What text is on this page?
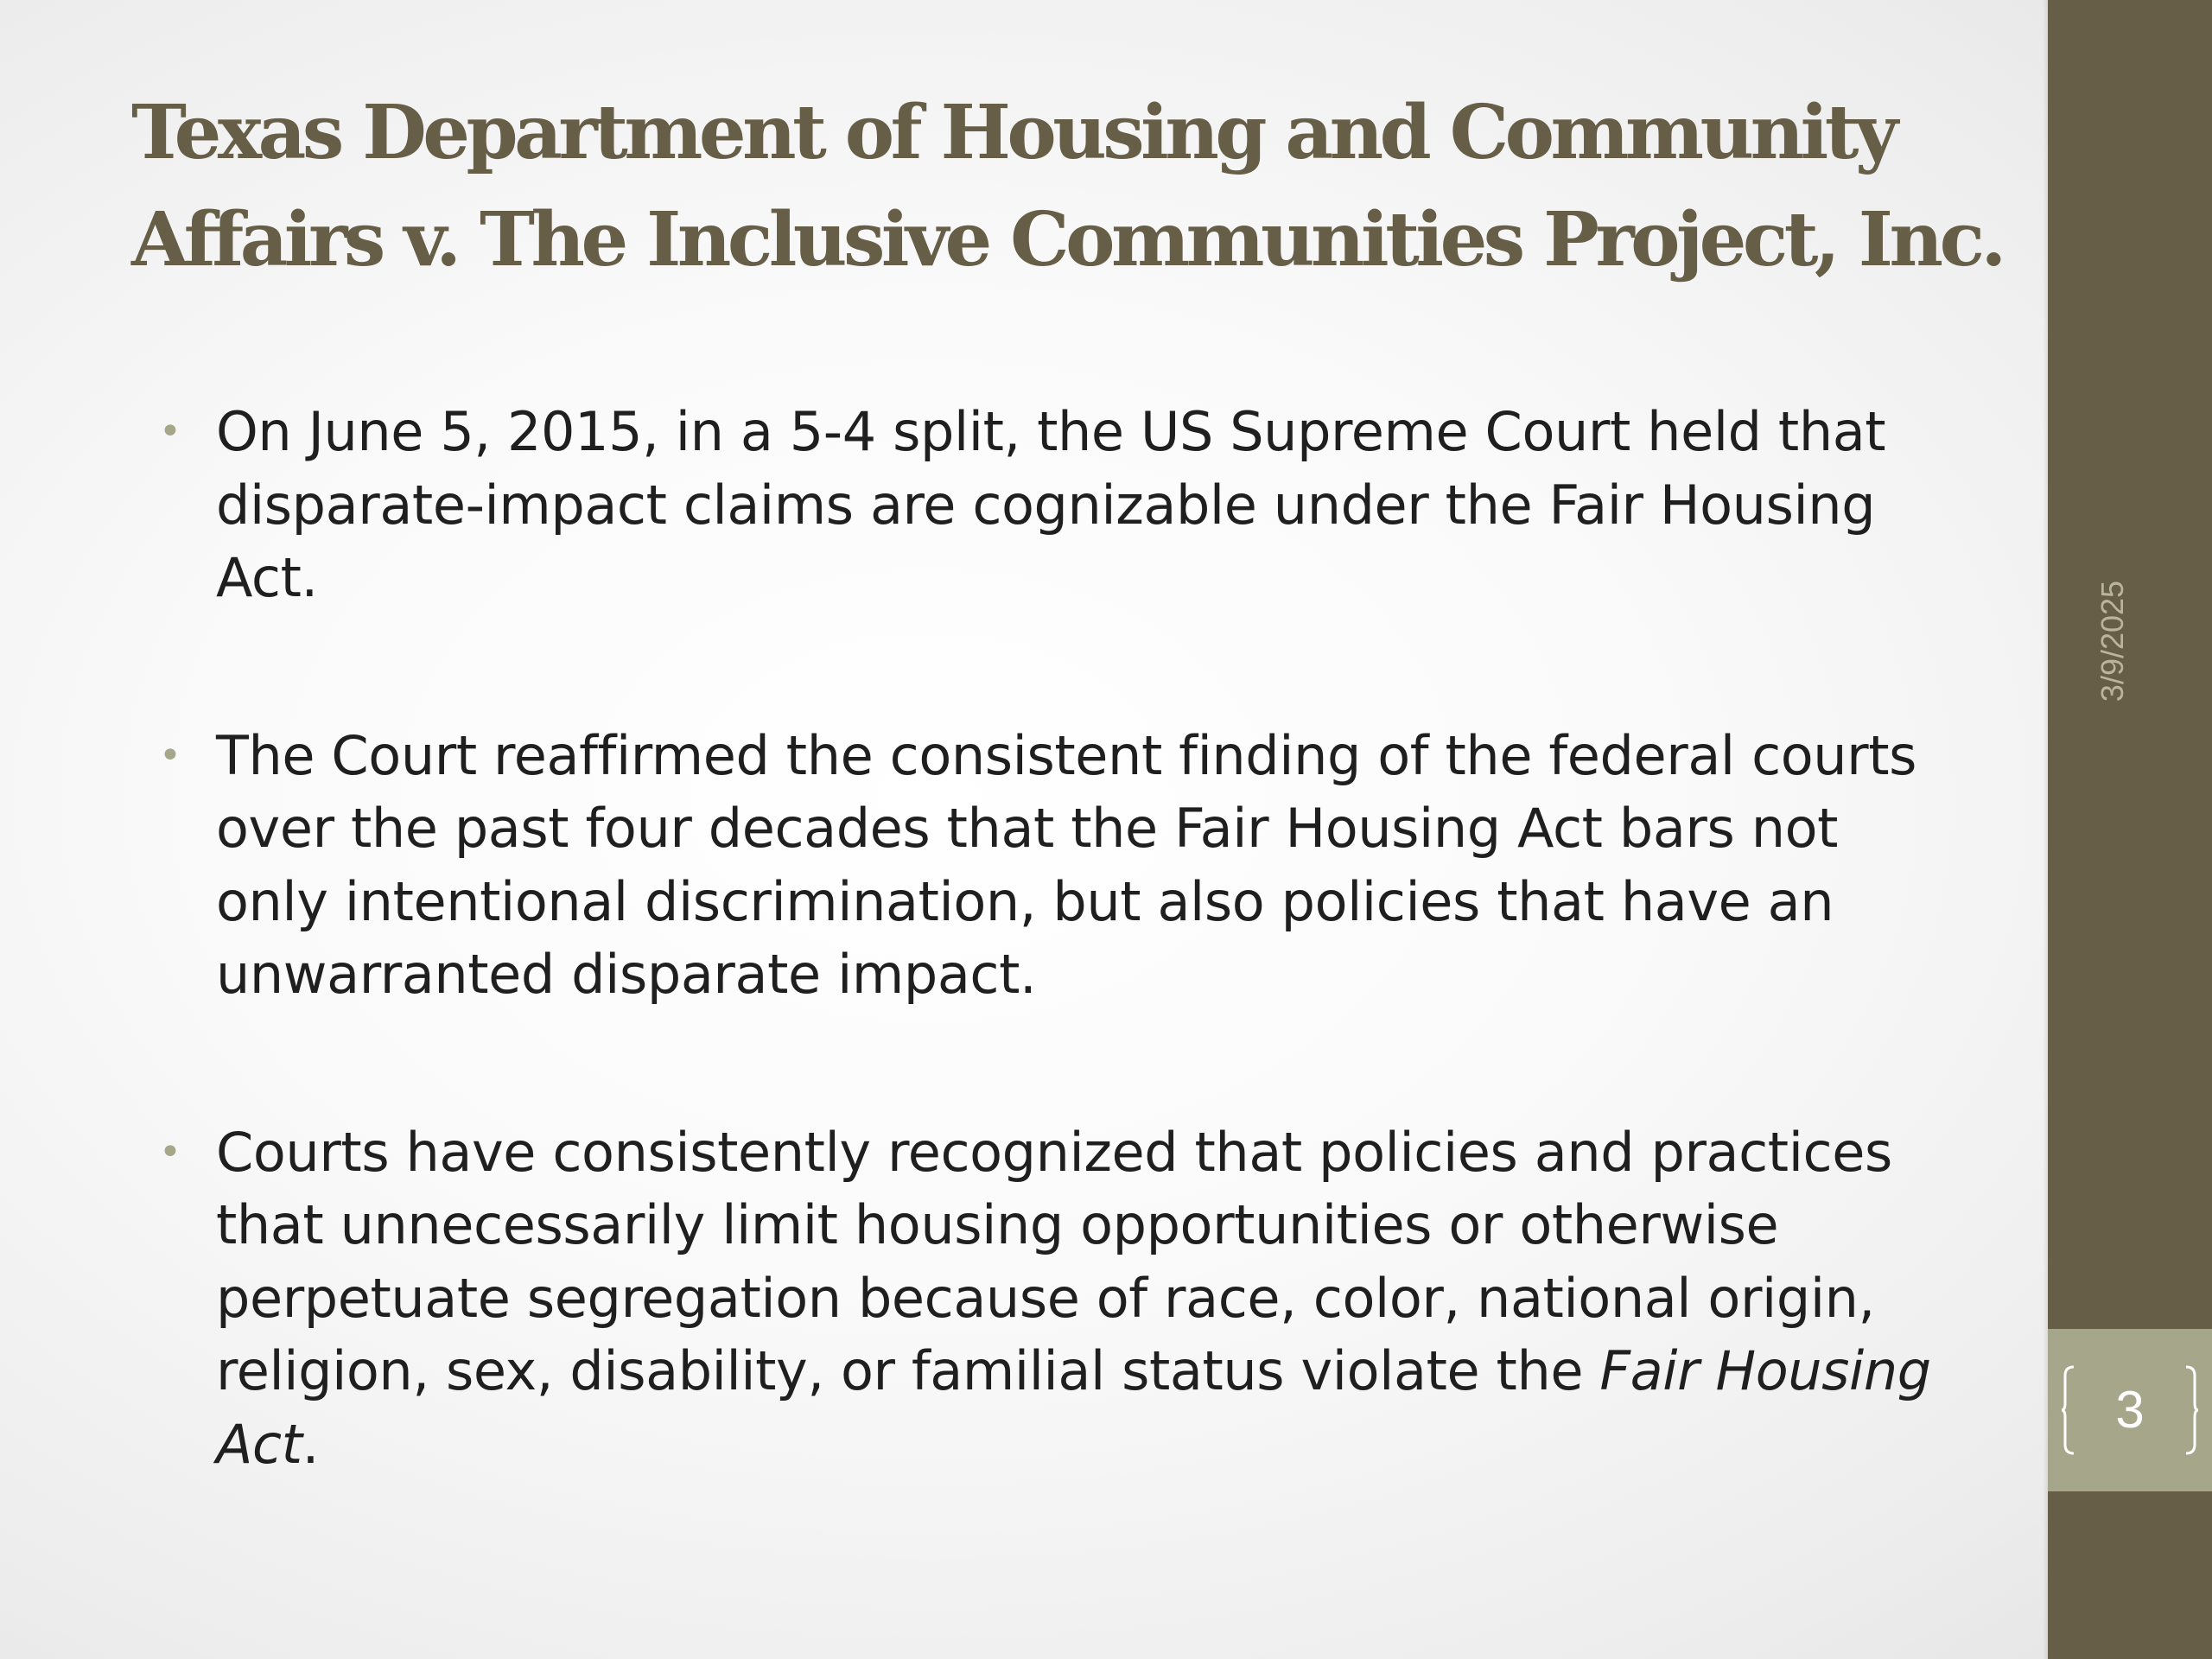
Texas Department of Housing and Community Affairs v. The Inclusive Communities Project, Inc.
• On June 5, 2015, in a 5-4 split, the US Supreme Court held that disparate-impact claims are cognizable under the Fair Housing Act.
• The Court reaffirmed the consistent finding of the federal courts over the past four decades that the Fair Housing Act bars not only intentional discrimination, but also policies that have an unwarranted disparate impact.
• Courts have consistently recognized that policies and practices that unnecessarily limit housing opportunities or otherwise perpetuate segregation because of race, color, national origin, religion, sex, disability, or familial status violate the Fair Housing Act.
3/9/2025
3
